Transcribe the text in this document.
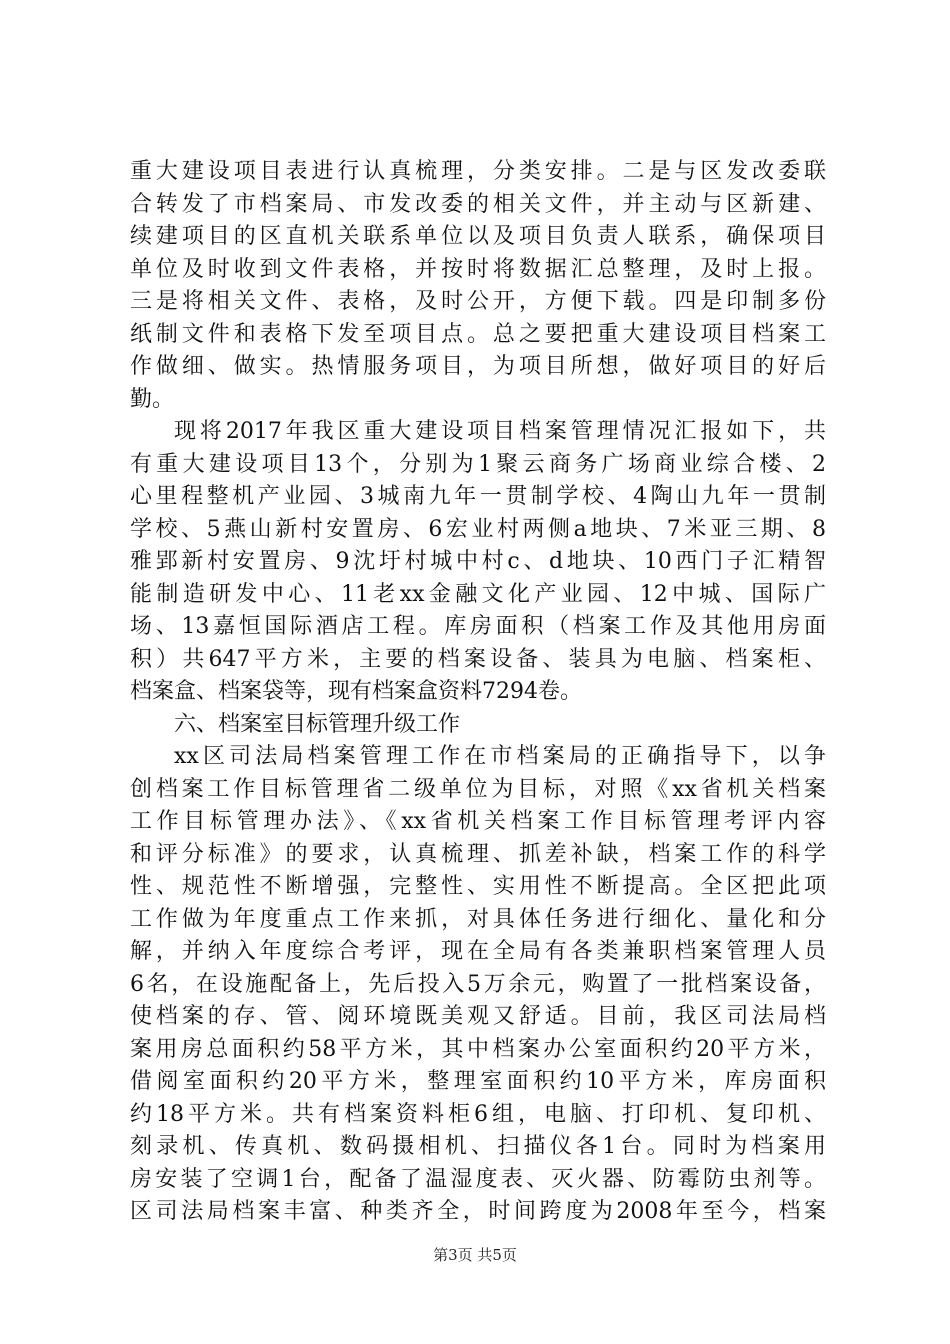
重大建设项目表进行认真梳理，分类安排。二是与区发改委联
合转发了市档案局、市发改委的相关文件，并主动与区新建、
续建项目的区直机关联系单位以及项目负责人联系，确保项目
单位及时收到文件表格，并按时将数据汇总整理，及时上报。
三是将相关文件、表格，及时公开，方便下载。四是印制多份
纸制文件和表格下发至项目点。总之要把重大建设项目档案工
作做细、做实。热情服务项目，为项目所想，做好项目的好后
勤。
现将2017年我区重大建设项目档案管理情况汇报如下，共
有重大建设项目13个，分别为1聚云商务广场商业综合楼、2
心里程整机产业园、3城南九年一贯制学校、4陶山九年一贯制
学校、5燕山新村安置房、6宏业村两侧a地块、7米亚三期、8
雅郢新村安置房、9沈圩村城中村c、d地块、10西门子汇精智
能制造研发中心、11老xx金融文化产业园、12中城、国际广
场、13嘉恒国际酒店工程。库房面积（档案工作及其他用房面
积）共647平方米，主要的档案设备、装具为电脑、档案柜、
档案盒、档案袋等，现有档案盒资料7294卷。
六、档案室目标管理升级工作
xx区司法局档案管理工作在市档案局的正确指导下，以争
创档案工作目标管理省二级单位为目标，对照《xx省机关档案
工作目标管理办法》、《xx省机关档案工作目标管理考评内容
和评分标准》的要求，认真梳理、抓差补缺，档案工作的科学
性、规范性不断增强，完整性、实用性不断提高。全区把此项
工作做为年度重点工作来抓，对具体任务进行细化、量化和分
解，并纳入年度综合考评，现在全局有各类兼职档案管理人员
6名，在设施配备上，先后投入5万余元，购置了一批档案设备，
使档案的存、管、阅环境既美观又舒适。目前，我区司法局档
案用房总面积约58平方米，其中档案办公室面积约20平方米，
借阅室面积约20平方米，整理室面积约10平方米，库房面积
约18平方米。共有档案资料柜6组，电脑、打印机、复印机、
刻录机、传真机、数码摄相机、扫描仪各1台。同时为档案用
房安装了空调1台，配备了温湿度表、灭火器、防霉防虫剂等。
区司法局档案丰富、种类齐全，时间跨度为2008年至今，档案
第3页 共5页
